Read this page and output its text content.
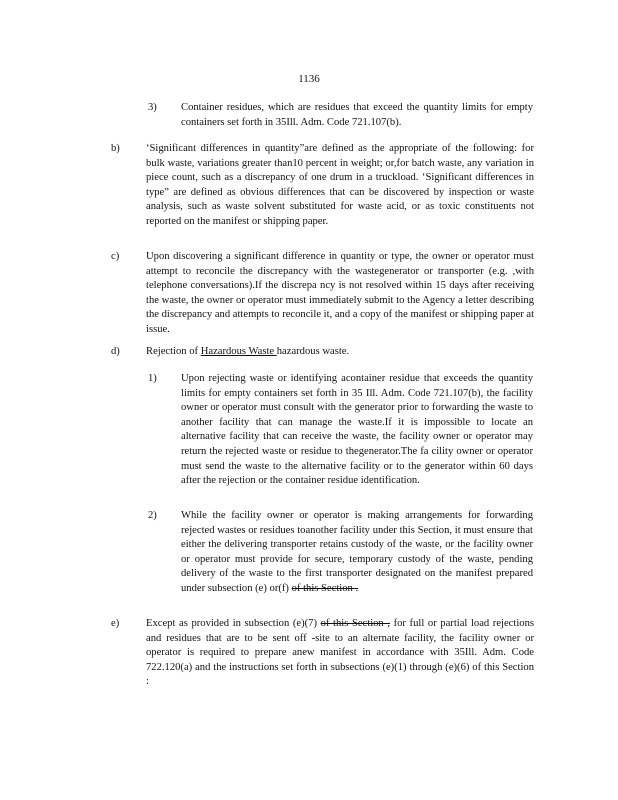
1136
3) Container residues, which are residues that exceed the quantity limits for empty containers set forth in 35Ill. Adm. Code 721.107(b).
b) ‘Significant differences in quantity”are defined as the appropriate of the following: for bulk waste, variations greater than10 percent in weight; or,for batch waste, any variation in piece count, such as a discrepancy of one drum in a truckload. ‘Significant differences in type” are defined as obvious differences that can be discovered by inspection or waste analysis, such as waste solvent substituted for waste acid, or as toxic constituents not reported on the manifest or shipping paper.
c)	Upon discovering a significant difference in quantity or type, the owner or operator must attempt to reconcile the discrepancy with the wastegenerator or transporter (e.g. ,with telephone conversations).If the discrepa ncy is not resolved within 15 days after receiving the waste, the owner or operator must immediately submit to the Agency a letter describing the discrepancy and attempts to reconcile it, and a copy of the manifest or shipping paper at issue.
d) Rejection of Hazardous Waste hazardous waste.
1) Upon rejecting waste or identifying acontainer residue that exceeds the quantity limits for empty containers set forth in 35 Ill. Adm. Code 721.107(b), the facility owner or operator must consult with the generator prior to forwarding the waste to another facility that can manage the waste.If it is impossible to locate an alternative facility that can receive the waste, the facility owner or operator may return the rejected waste or residue to thegenerator.The fa cility owner or operator must send the waste to the alternative facility or to the generator within 60 days after the rejection or the container residue identification.
2) While the facility owner or operator is making arrangements for forwarding rejected wastes or residues toanother facility under this Section, it must ensure that either the delivering transporter retains custody of the waste, or the facility owner or operator must provide for secure, temporary custody of the waste, pending delivery of the waste to the first transporter designated on the manifest prepared under subsection (e) or(f) of this Section .
e)	Except as provided in subsection (e)(7) of this Section , for full or partial load rejections and residues that are to be sent off -site to an alternate facility, the facility owner or operator is required to prepare anew manifest in accordance with 35Ill. Adm. Code 722.120(a) and the instructions set forth in subsections (e)(1) through (e)(6) of this Section :
